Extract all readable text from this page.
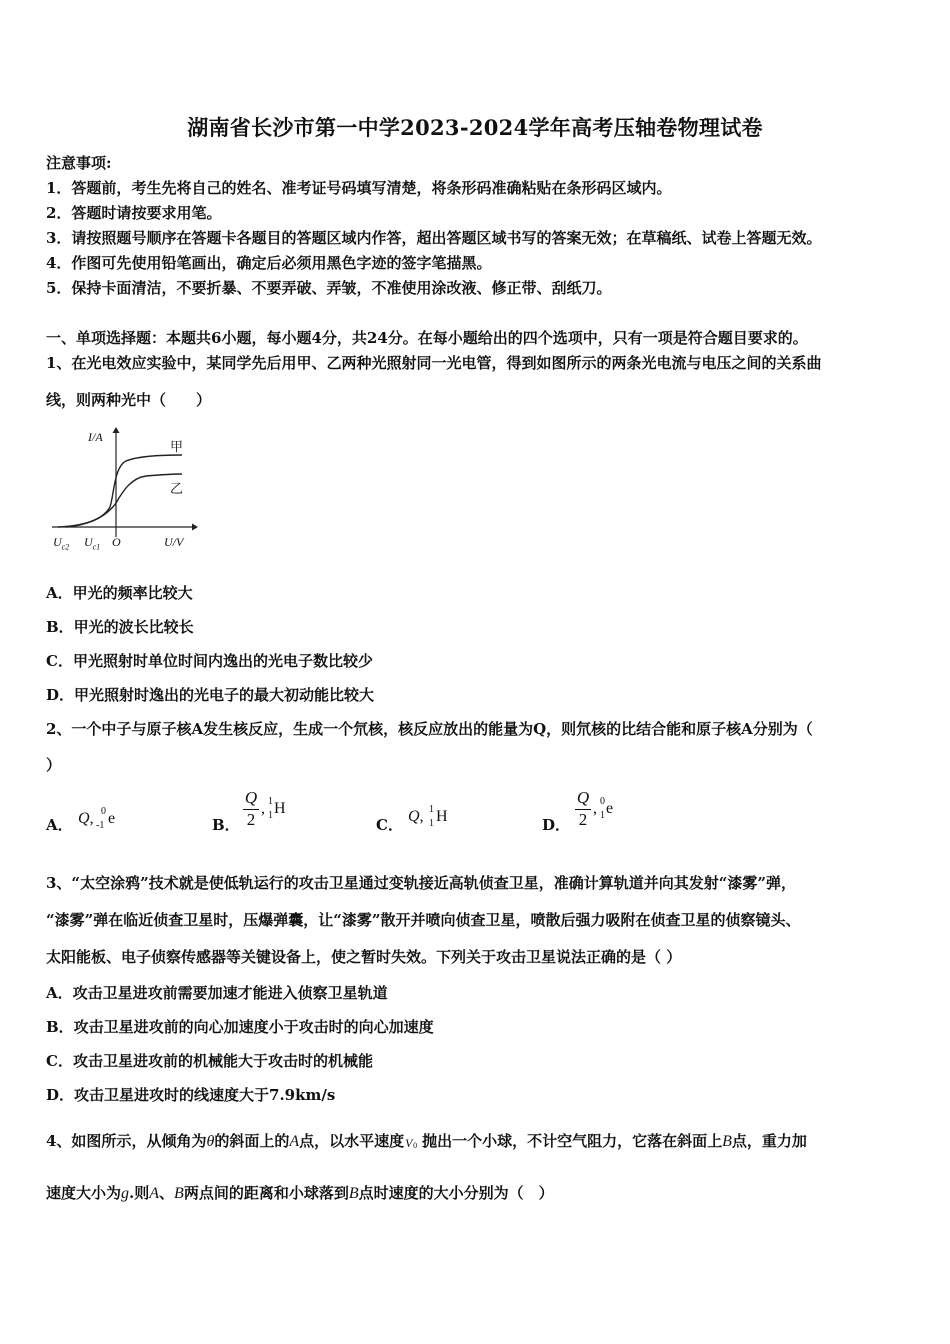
湖南省长沙市第一中学2023-2024学年高考压轴卷物理试卷
注意事项:
1．答题前，考生先将自己的姓名、准考证号码填写清楚，将条形码准确粘贴在条形码区域内。
2．答题时请按要求用笔。
3．请按照题号顺序在答题卡各题目的答题区域内作答，超出答题区域书写的答案无效；在草稿纸、试卷上答题无效。
4．作图可先使用铅笔画出，确定后必须用黑色字迹的签字笔描黑。
5．保持卡面清洁，不要折暴、不要弄破、弄皱，不准使用涂改液、修正带、刮纸刀。
一、单项选择题：本题共6小题，每小题4分，共24分。在每小题给出的四个选项中，只有一项是符合题目要求的。
1、在光电效应实验中，某同学先后用甲、乙两种光照射同一光电管，得到如图所示的两条光电流与电压之间的关系曲
线，则两种光中（　　）
I/A
甲
乙
$U_{c2}$ $U_{c1}$ O	U/V
A．甲光的频率比较大
B．甲光的波长比较长
C．甲光照射时单位时间内逸出的光电子数比较少
D．甲光照射时逸出的光电子的最大初动能比较大
2、一个中子与原子核A发生核反应，生成一个氘核，核反应放出的能量为Q，则氘核的比结合能和原子核A分别为（
）
A． Q, 0
-1 e	B．
Q
2
, 1
1 H
C． Q, 1
1 H	D．
Q
2
, 0
1 e
3、“太空涂鸦”技术就是使低轨运行的攻击卫星通过变轨接近高轨侦查卫星，准确计算轨道并向其发射“漆雾”弹，
“漆雾”弹在临近侦查卫星时，压爆弹囊，让“漆雾”散开并喷向侦查卫星，喷散后强力吸附在侦查卫星的侦察镜头、
太阳能板、电子侦察传感器等关键设备上，使之暂时失效。下列关于攻击卫星说法正确的是（ ）
A．攻击卫星进攻前需要加速才能进入侦察卫星轨道
B．攻击卫星进攻前的向心加速度小于攻击时的向心加速度
C．攻击卫星进攻前的机械能大于攻击时的机械能
D．攻击卫星进攻时的线速度大于7.9km/s
4、如图所示，从倾角为θ的斜面上的A点，以水平速度 V 0 抛出一个小球，不计空气阻力，它落在斜面上B点，重力加
速度大小为g.则A、B两点间的距离和小球落到B点时速度的大小分别为（　）
